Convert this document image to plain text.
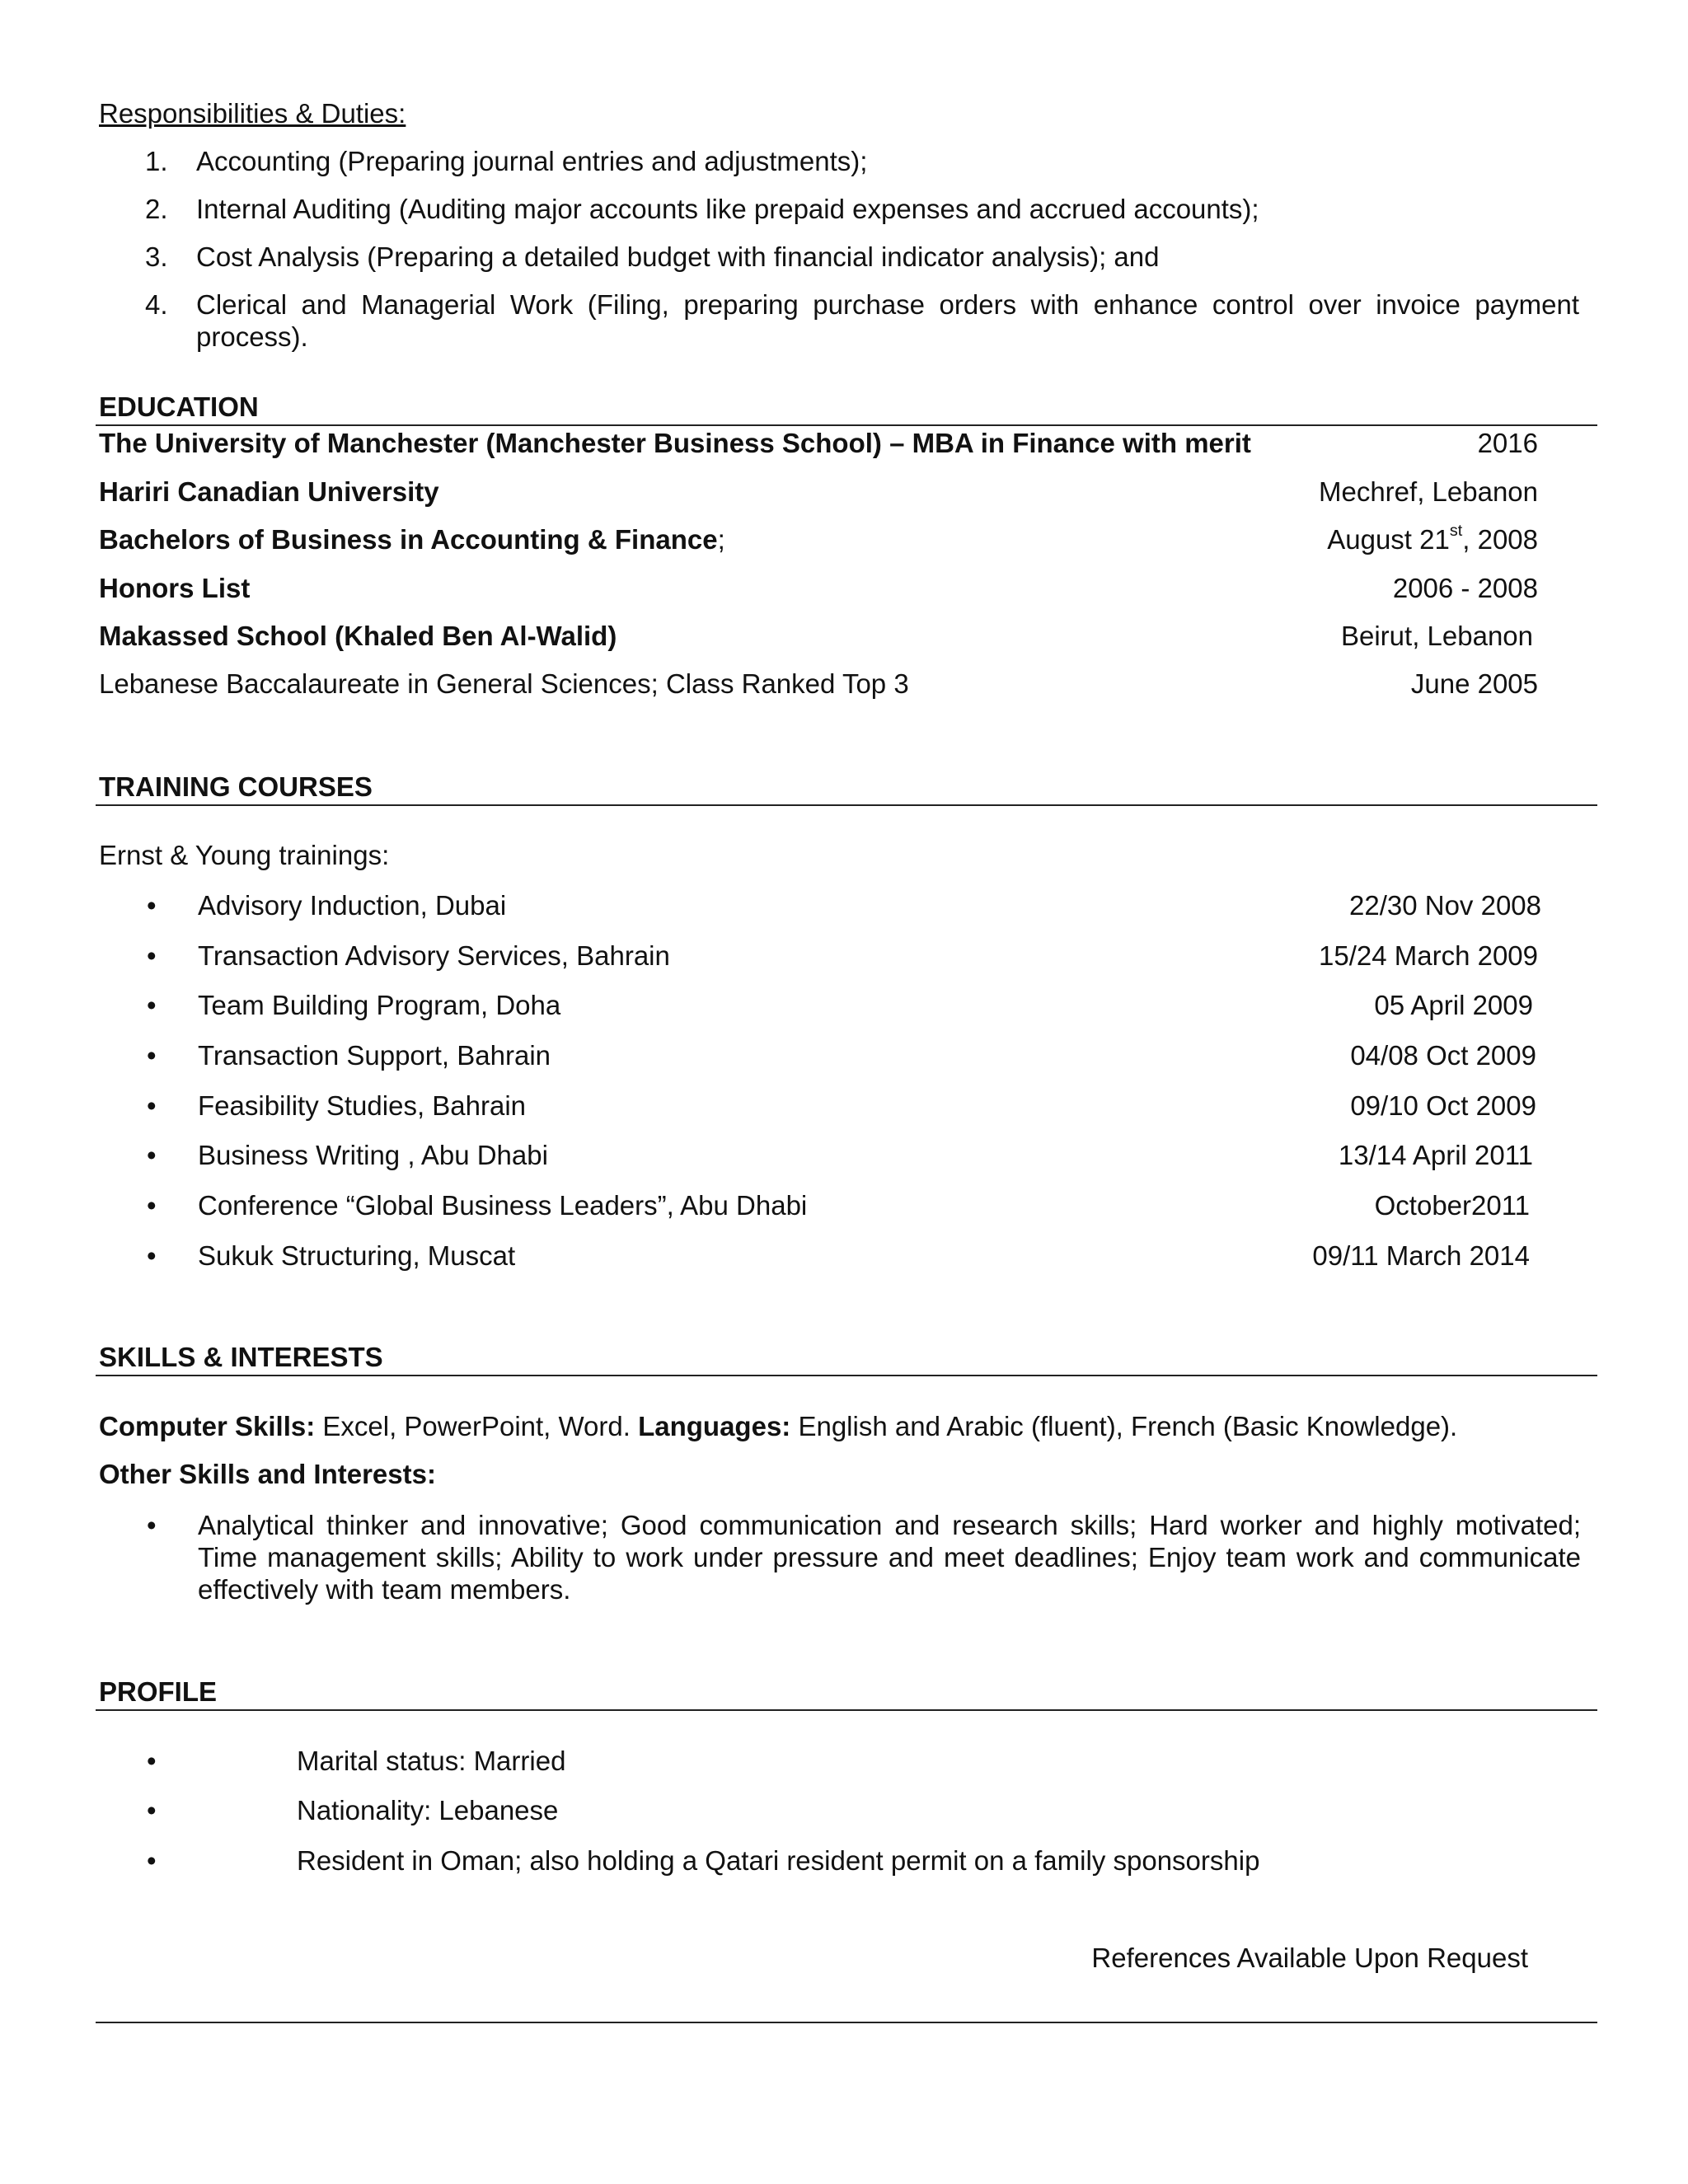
Responsibilities & Duties:
1. Accounting (Preparing journal entries and adjustments);
2. Internal Auditing (Auditing major accounts like prepaid expenses and accrued accounts);
3. Cost Analysis (Preparing a detailed budget with financial indicator analysis); and
4. Clerical and Managerial Work (Filing, preparing purchase orders with enhance control over invoice payment process).
EDUCATION
The University of Manchester (Manchester Business School) – MBA in Finance with merit	2016
Hariri Canadian University	Mechref, Lebanon
Bachelors of Business in Accounting & Finance;	August 21st, 2008
Honors List	2006 - 2008
Makassed School (Khaled Ben Al-Walid)	Beirut, Lebanon
Lebanese Baccalaureate in General Sciences; Class Ranked Top 3	June 2005
TRAINING COURSES
Ernst & Young trainings:
• Advisory Induction, Dubai	22/30 Nov 2008
• Transaction Advisory Services, Bahrain	15/24 March 2009
• Team Building Program, Doha	05 April 2009
• Transaction Support, Bahrain	04/08 Oct 2009
• Feasibility Studies, Bahrain	09/10 Oct 2009
• Business Writing , Abu Dhabi	13/14 April 2011
• Conference “Global Business Leaders”, Abu Dhabi	October2011
• Sukuk Structuring, Muscat	09/11 March 2014
SKILLS & INTERESTS
Computer Skills: Excel, PowerPoint, Word. Languages: English and Arabic (fluent), French (Basic Knowledge).
Other Skills and Interests:
• Analytical thinker and innovative; Good communication and research skills; Hard worker and highly motivated; Time management skills; Ability to work under pressure and meet deadlines; Enjoy team work and communicate effectively with team members.
PROFILE
•	Marital status: Married
•	Nationality: Lebanese
•	Resident in Oman; also holding a Qatari resident permit on a family sponsorship
References Available Upon Request
